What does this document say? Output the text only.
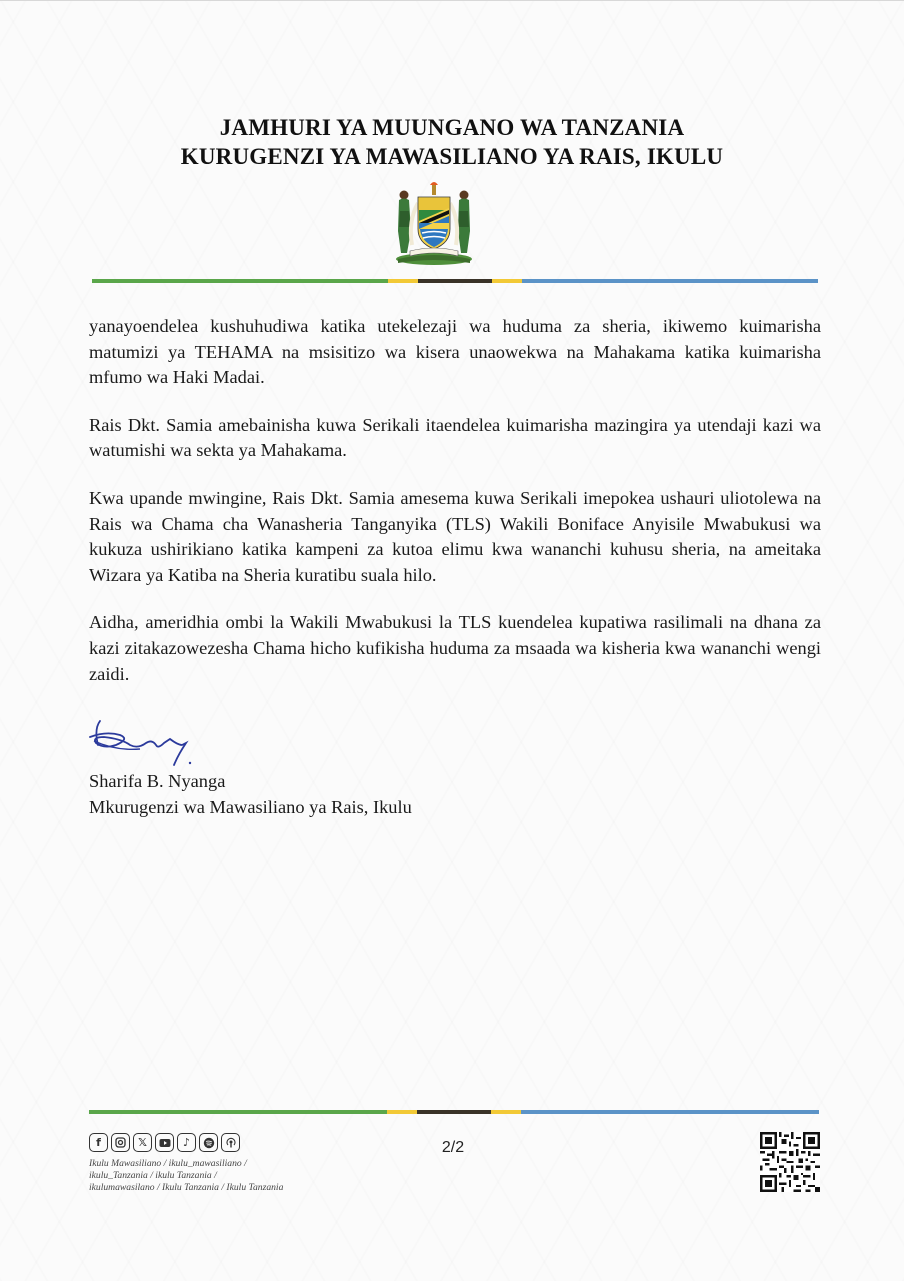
JAMHURI YA MUUNGANO WA TANZANIA
KURUGENZI YA MAWASILIANO YA RAIS, IKULU

yanayoendelea kushuhudiwa katika utekelezaji wa huduma za sheria, ikiwemo kuimarisha matumizi ya TEHAMA na msisitizo wa kisera unaowekwa na Mahakama katika kuimarisha mfumo wa Haki Madai.

Rais Dkt. Samia amebainisha kuwa Serikali itaendelea kuimarisha mazingira ya utendaji kazi wa watumishi wa sekta ya Mahakama.

Kwa upande mwingine, Rais Dkt. Samia amesema kuwa Serikali imepokea ushauri uliotolewa na Rais wa Chama cha Wanasheria Tanganyika (TLS) Wakili Boniface Anyisile Mwabukusi wa kukuza ushirikiano katika kampeni za kutoa elimu kwa wananchi kuhusu sheria, na ameitaka Wizara ya Katiba na Sheria kuratibu suala hilo.

Aidha, ameridhia ombi la Wakili Mwabukusi la TLS kuendelea kupatiwa rasilimali na dhana za kazi zitakazowezesha Chama hicho kufikisha huduma za msaada wa kisheria kwa wananchi wengi zaidi.

Sharifa B. Nyanga
Mkurugenzi wa Mawasiliano ya Rais, Ikulu
f	𝕏	♪
Ikulu Mawasiliano / ikulu_mawasiliano /
ikulu_Tanzania / ikulu Tanzania /
ikulumawasilano / Ikulu Tanzania / Ikulu Tanzania
2/2
